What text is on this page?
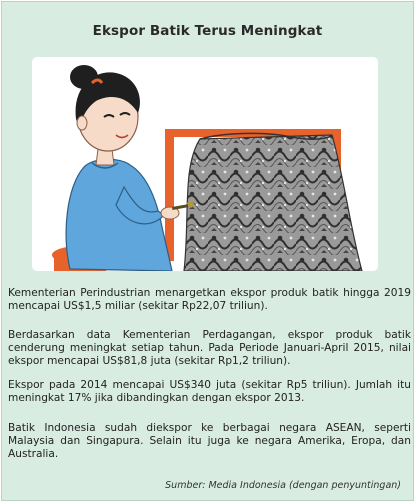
Ekspor Batik Terus Meningkat

Kementerian Perindustrian menargetkan ekspor produk batik hingga 2019 mencapai US$1,5 miliar (sekitar Rp22,07 triliun).

Berdasarkan data Kementerian Perdagangan, ekspor produk batik cenderung meningkat setiap tahun. Pada Periode Januari-April 2015, nilai ekspor mencapai US$81,8 juta (sekitar Rp1,2 triliun).

Ekspor pada 2014 mencapai US$340 juta (sekitar Rp5 triliun). Jumlah itu meningkat 17% jika dibandingkan dengan ekspor 2013.

Batik Indonesia sudah diekspor ke berbagai negara ASEAN, seperti Malaysia dan Singapura. Selain itu juga ke negara Amerika, Eropa, dan Australia.

Sumber: Media Indonesia (dengan penyuntingan)
